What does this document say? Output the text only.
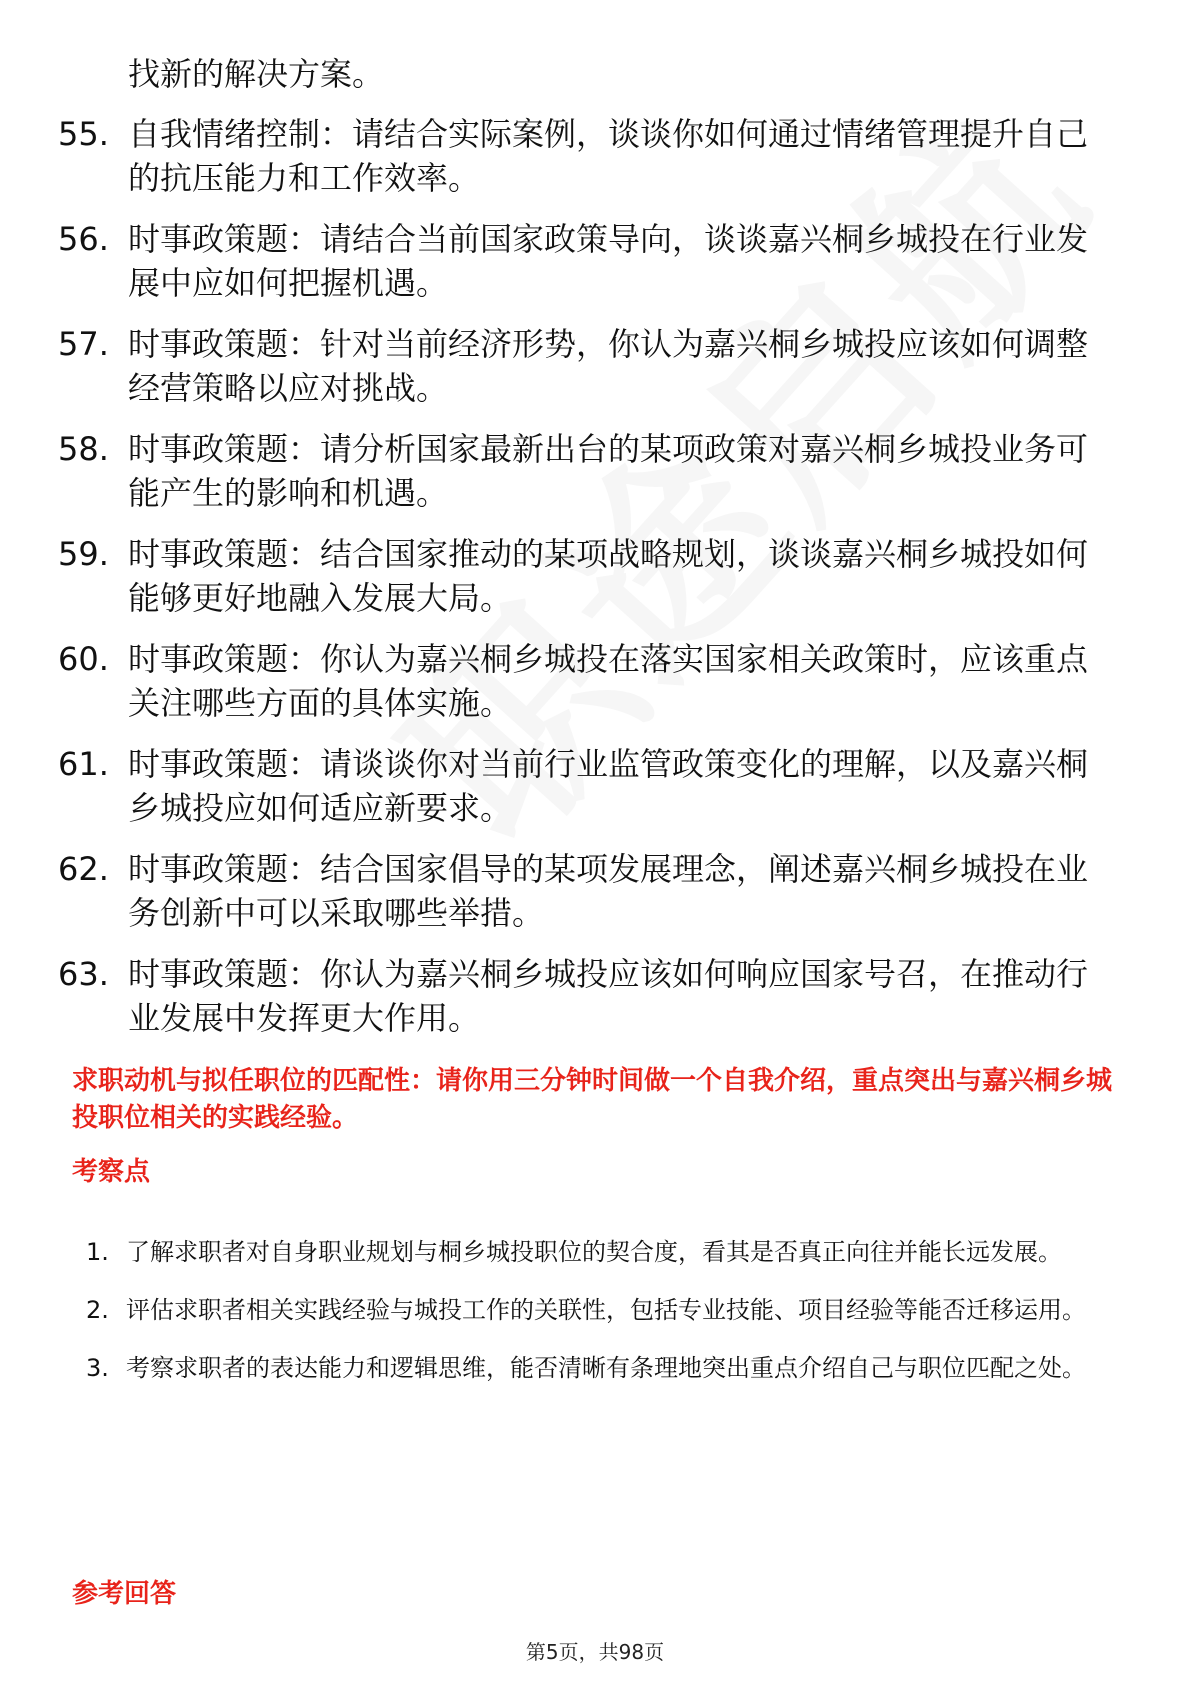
找新的解决方案。

55. 自我情绪控制：请结合实际案例，谈谈你如何通过情绪管理提升自己的抗压能力和工作效率。
56. 时事政策题：请结合当前国家政策导向，谈谈嘉兴桐乡城投在行业发展中应如何把握机遇。
57. 时事政策题：针对当前经济形势，你认为嘉兴桐乡城投应该如何调整经营策略以应对挑战。
58. 时事政策题：请分析国家最新出台的某项政策对嘉兴桐乡城投业务可能产生的影响和机遇。
59. 时事政策题：结合国家推动的某项战略规划，谈谈嘉兴桐乡城投如何能够更好地融入发展大局。
60. 时事政策题：你认为嘉兴桐乡城投在落实国家相关政策时，应该重点关注哪些方面的具体实施。
61. 时事政策题：请谈谈你对当前行业监管政策变化的理解，以及嘉兴桐乡城投应如何适应新要求。
62. 时事政策题：结合国家倡导的某项发展理念，阐述嘉兴桐乡城投在业务创新中可以采取哪些举措。
63. 时事政策题：你认为嘉兴桐乡城投应该如何响应国家号召，在推动行业发展中发挥更大作用。

求职动机与拟任职位的匹配性：请你用三分钟时间做一个自我介绍，重点突出与嘉兴桐乡城投职位相关的实践经验。

考察点

1. 了解求职者对自身职业规划与桐乡城投职位的契合度，看其是否真正向往并能长远发展。
2. 评估求职者相关实践经验与城投工作的关联性，包括专业技能、项目经验等能否迁移运用。
3. 考察求职者的表达能力和逻辑思维，能否清晰有条理地突出重点介绍自己与职位匹配之处。

参考回答

第5页，共98页
